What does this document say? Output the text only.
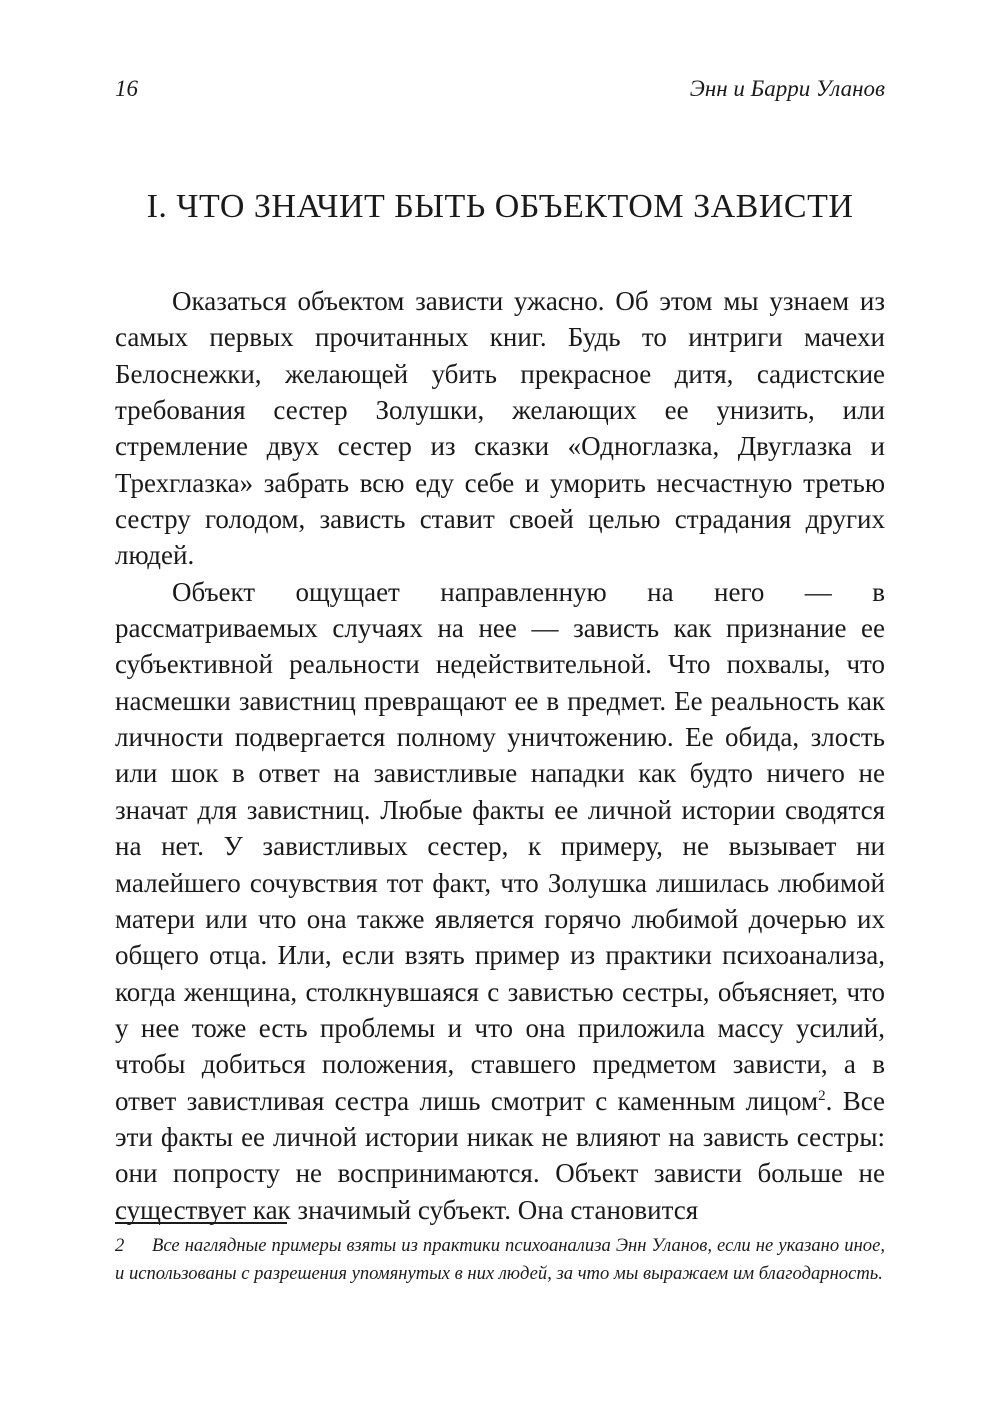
16	Энн и Барри Уланов
I. ЧТО ЗНАЧИТ БЫТЬ ОБЪЕКТОМ ЗАВИСТИ

Оказаться объектом зависти ужасно. Об этом мы узнаем из самых первых прочитанных книг. Будь то интриги мачехи Белоснежки, желающей убить прекрасное дитя, садистские требования сестер Золушки, желающих ее унизить, или стремление двух сестер из сказки «Одноглазка, Двуглазка и Трехглазка» забрать всю еду себе и уморить несчастную третью сестру голодом, зависть ставит своей целью страдания других людей.

Объект ощущает направленную на него — в рассматриваемых случаях на нее — зависть как признание ее субъективной реальности недействительной. Что похвалы, что насмешки завистниц превращают ее в предмет. Ее реальность как личности подвергается полному уничтожению. Ее обида, злость или шок в ответ на завистливые нападки как будто ничего не значат для завистниц. Любые факты ее личной истории сводятся на нет. У завистливых сестер, к примеру, не вызывает ни малейшего сочувствия тот факт, что Золушка лишилась любимой матери или что она также является горячо любимой дочерью их общего отца. Или, если взять пример из практики психоанализа, когда женщина, столкнувшаяся с завистью сестры, объясняет, что у нее тоже есть проблемы и что она приложила массу усилий, чтобы добиться положения, ставшего предметом зависти, а в ответ завистливая сестра лишь смотрит с каменным лицом$^2$. Все эти факты ее личной истории никак не влияют на зависть сестры: они попросту не воспринимаются. Объект зависти больше не существует как значимый субъект. Она становится

2 Все наглядные примеры взяты из практики психоанализа Энн Уланов, если не указано иное, и использованы с разрешения упомянутых в них людей, за что мы выражаем им благодарность.
